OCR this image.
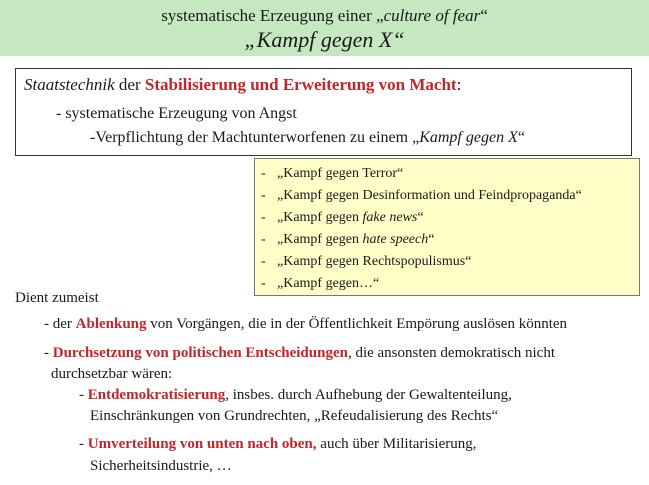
systematische Erzeugung einer „culture of fear“
„Kampf gegen X“
Staatstechnik der Stabilisierung und Erweiterung von Macht:
- systematische Erzeugung von Angst
-Verpflichtung der Machtunterworfenen zu einem „Kampf gegen X“
- „Kampf gegen Terror“
- „Kampf gegen Desinformation und Feindpropaganda“
- „Kampf gegen fake news“
- „Kampf gegen hate speech“
- „Kampf gegen Rechtspopulismus“
- „Kampf gegen…“
Dient zumeist
- der Ablenkung von Vorgängen, die in der Öffentlichkeit Empörung auslösen könnten
- Durchsetzung von politischen Entscheidungen, die ansonsten demokratisch nicht
durchsetzbar wären:
- Entdemokratisierung, insbes. durch Aufhebung der Gewaltenteilung,
Einschränkungen von Grundrechten, „Refeudalisierung des Rechts“
- Umverteilung von unten nach oben, auch über Militarisierung,
Sicherheitsindustrie, …
